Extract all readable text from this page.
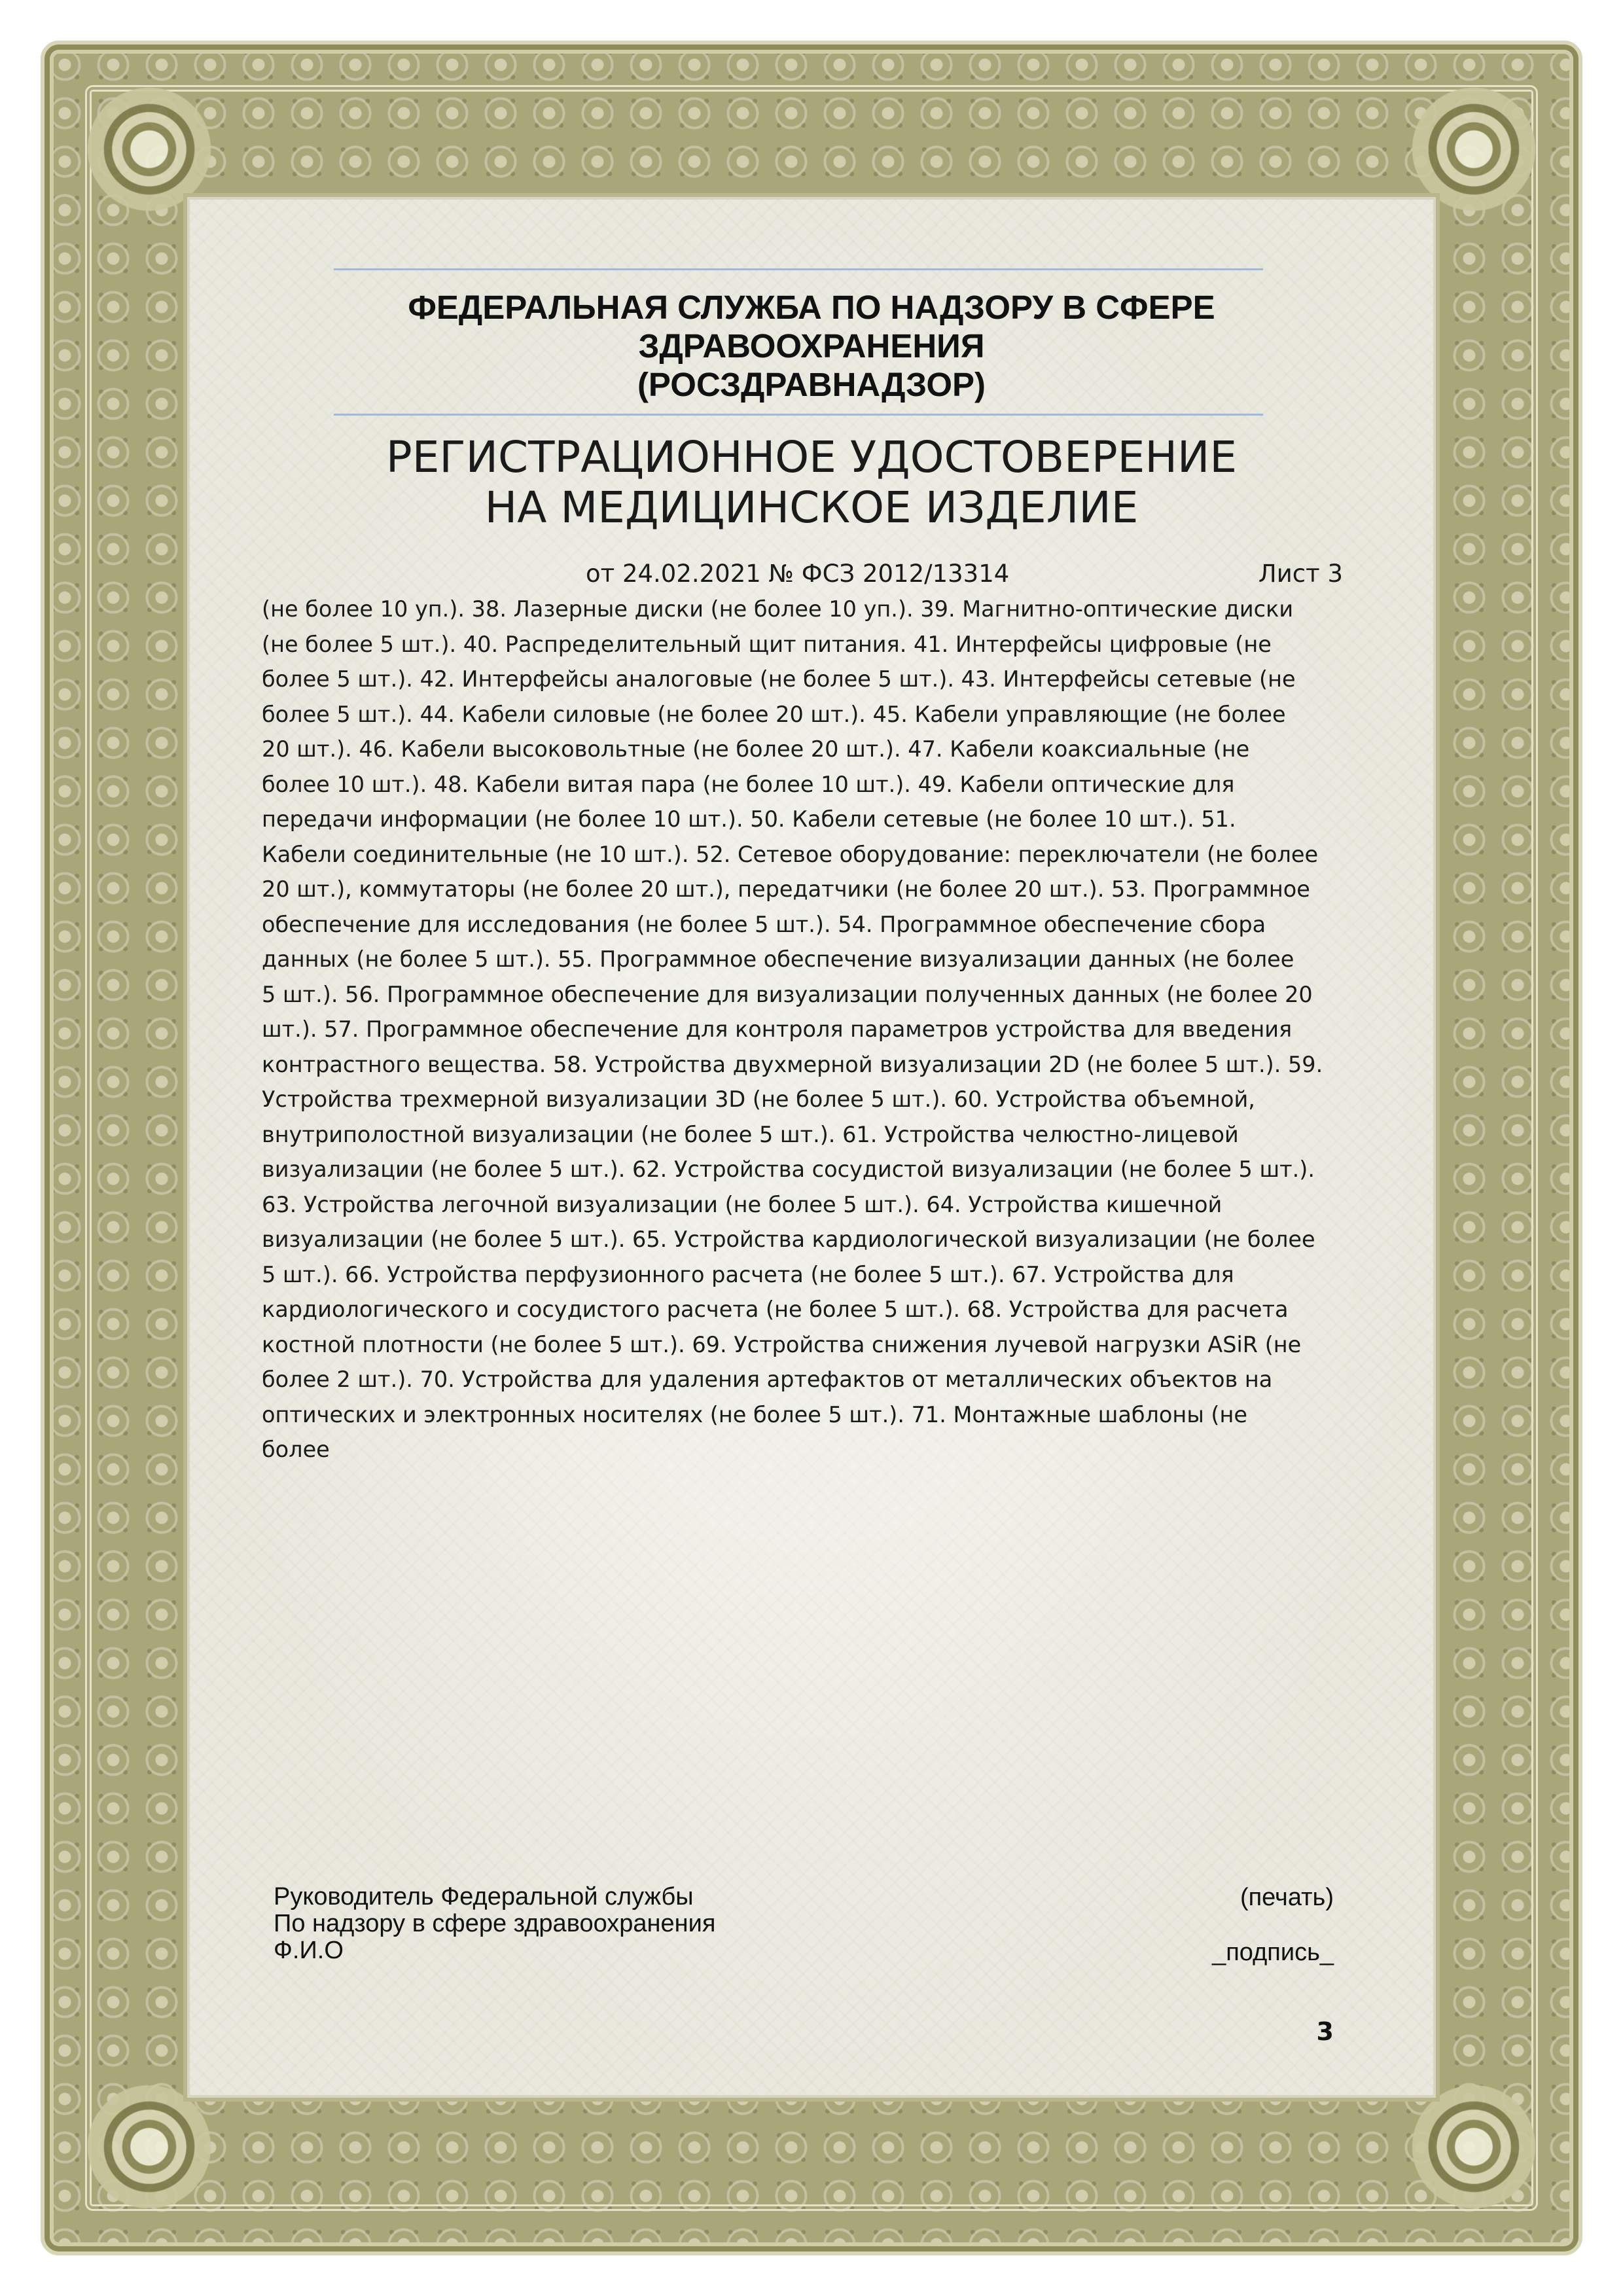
ФЕДЕРАЛЬНАЯ СЛУЖБА ПО НАДЗОРУ В СФЕРЕ
ЗДРАВООХРАНЕНИЯ
(РОСЗДРАВНАДЗОР)
РЕГИСТРАЦИОННОЕ УДОСТОВЕРЕНИЕ
НА МЕДИЦИНСКОЕ ИЗДЕЛИЕ
от 24.02.2021 № ФСЗ 2012/13314	Лист 3
(не более 10 уп.). 38. Лазерные диски (не более 10 уп.). 39. Магнитно-оптические диски
(не более 5 шт.). 40. Распределительный щит питания. 41. Интерфейсы цифровые (не
более 5 шт.). 42. Интерфейсы аналоговые (не более 5 шт.). 43. Интерфейсы сетевые (не
более 5 шт.). 44. Кабели силовые (не более 20 шт.). 45. Кабели управляющие (не более
20 шт.). 46. Кабели высоковольтные (не более 20 шт.). 47. Кабели коаксиальные (не
более 10 шт.). 48. Кабели витая пара (не более 10 шт.). 49. Кабели оптические для
передачи информации (не более 10 шт.). 50. Кабели сетевые (не более 10 шт.). 51.
Кабели соединительные (не 10 шт.). 52. Сетевое оборудование: переключатели (не более
20 шт.), коммутаторы (не более 20 шт.), передатчики (не более 20 шт.). 53. Программное
обеспечение для исследования (не более 5 шт.). 54. Программное обеспечение сбора
данных (не более 5 шт.). 55. Программное обеспечение визуализации данных (не более
5 шт.). 56. Программное обеспечение для визуализации полученных данных (не более 20
шт.). 57. Программное обеспечение для контроля параметров устройства для введения
контрастного вещества. 58. Устройства двухмерной визуализации 2D (не более 5 шт.). 59.
Устройства трехмерной визуализации 3D (не более 5 шт.). 60. Устройства объемной,
внутриполостной визуализации (не более 5 шт.). 61. Устройства челюстно-лицевой
визуализации (не более 5 шт.). 62. Устройства сосудистой визуализации (не более 5 шт.).
63. Устройства легочной визуализации (не более 5 шт.). 64. Устройства кишечной
визуализации (не более 5 шт.). 65. Устройства кардиологической визуализации (не более
5 шт.). 66. Устройства перфузионного расчета (не более 5 шт.). 67. Устройства для
кардиологического и сосудистого расчета (не более 5 шт.). 68. Устройства для расчета
костной плотности (не более 5 шт.). 69. Устройства снижения лучевой нагрузки ASiR (не
более 2 шт.). 70. Устройства для удаления артефактов от металлических объектов на
оптических и электронных носителях (не более 5 шт.). 71. Монтажные шаблоны (не
более
Руководитель Федеральной службы
По надзору в сфере здравоохранения
Ф.И.О
(печать)
_подпись_
3
